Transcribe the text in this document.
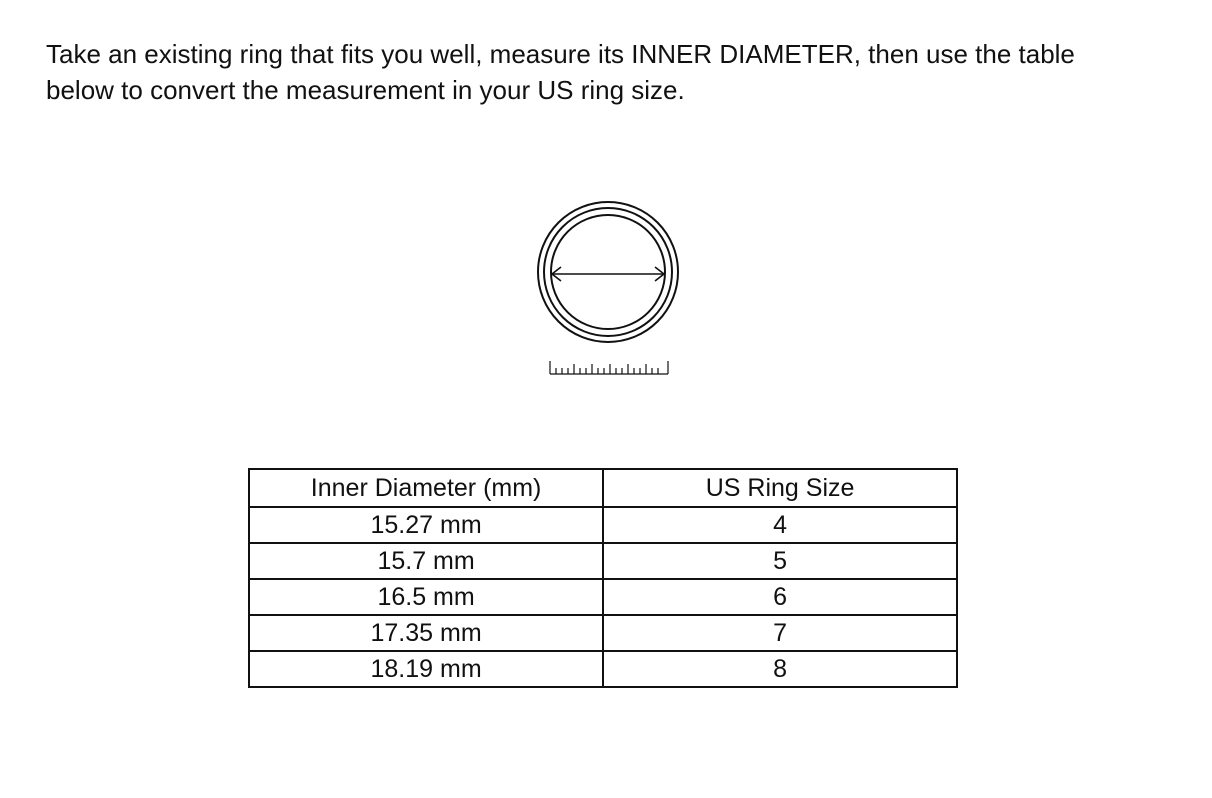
Take an existing ring that fits you well, measure its INNER DIAMETER, then use the table below to convert the measurement in your US ring size.

Inner Diameter (mm)	US Ring Size
15.27 mm	4
15.7 mm	5
16.5 mm	6
17.35 mm	7
18.19 mm	8
